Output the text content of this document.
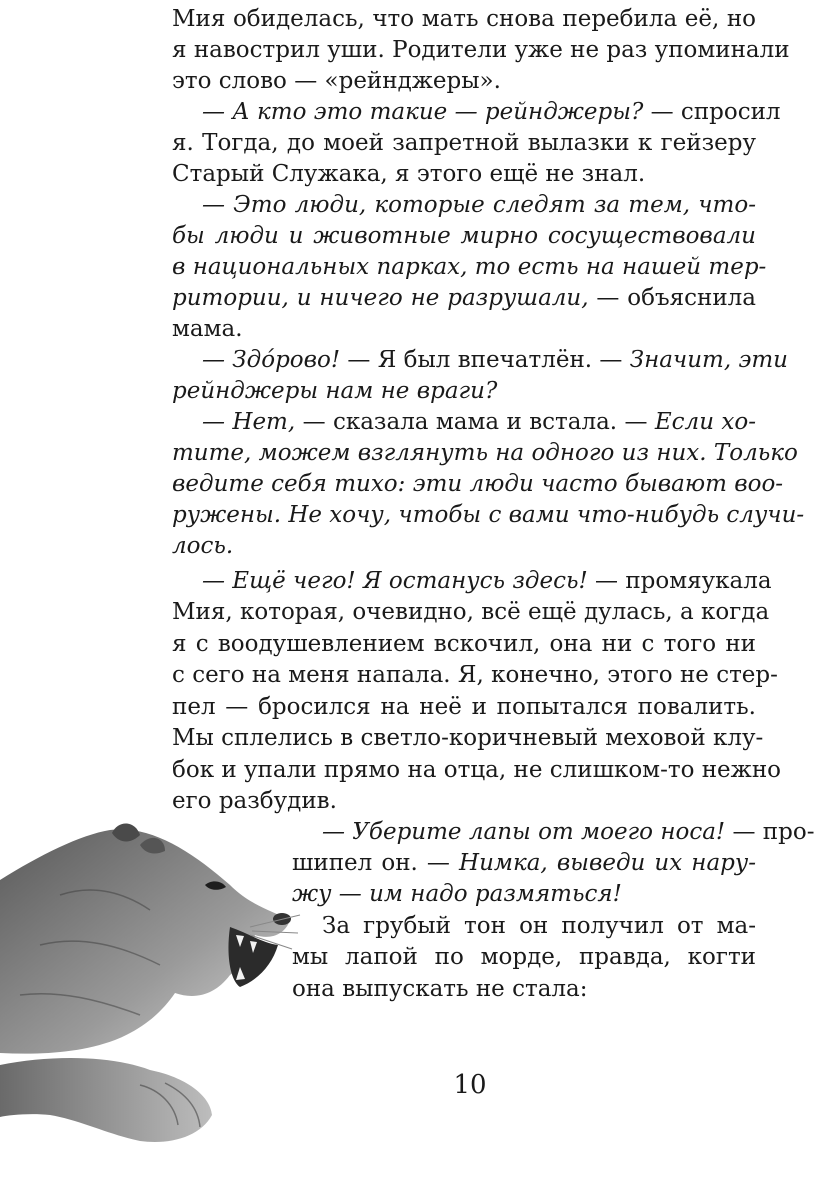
Мия обиделась, что мать снова перебила её, но
я навострил уши. Родители уже не раз упоминали
это слово — «рейнджеры».
— А кто это такие — рейнджеры? — спросил
я. Тогда, до моей запретной вылазки к гейзеру
Старый Служака, я этого ещё не знал.
— Это люди, которые следят за тем, что-
бы люди и животные мирно сосуществовали
в национальных парках, то есть на нашей тер-
ритории, и ничего не разрушали, — объяснила
мама.
— Здо́рово! — Я был впечатлён. — Значит, эти
рейнджеры нам не враги?
— Нет, — сказала мама и встала. — Если хо-
тите, можем взглянуть на одного из них. Только
ведите себя тихо: эти люди часто бывают воо-
ружены. Не хочу, чтобы с вами что-нибудь случи-
лось.
— Ещё чего! Я останусь здесь! — промяукала
Мия, которая, очевидно, всё ещё дулась, а когда
я с воодушевлением вскочил, она ни с того ни
с сего на меня напала. Я, конечно, этого не стер-
пел — бросился на неё и попытался повалить.
Мы сплелись в светло-коричневый меховой клу-
бок и упали прямо на отца, не слишком-то нежно
его разбудив.
— Уберите лапы от моего носа! — про-
шипел он. — Нимка, выведи их нару-
жу — им надо размяться!
За грубый тон он получил от ма-
мы лапой по морде, правда, когти
она выпускать не стала:
10
